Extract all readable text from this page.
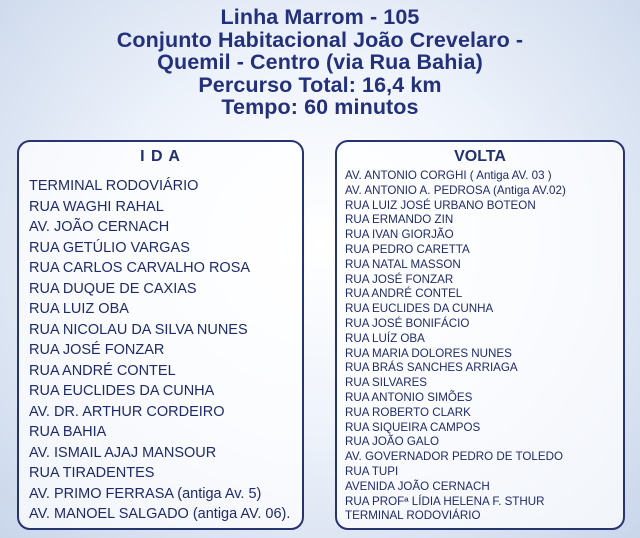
Linha Marrom - 105
Conjunto Habitacional João Crevelaro -
Quemil - Centro (via Rua Bahia)
Percurso Total: 16,4 km
Tempo: 60 minutos
I D A
TERMINAL RODOVIÁRIO
RUA WAGHI RAHAL
AV. JOÃO CERNACH
RUA GETÚLIO VARGAS
RUA CARLOS CARVALHO ROSA
RUA DUQUE DE CAXIAS
RUA LUIZ OBA
RUA NICOLAU DA SILVA NUNES
RUA JOSÉ FONZAR
RUA ANDRÉ CONTEL
RUA EUCLIDES DA CUNHA
AV. DR. ARTHUR CORDEIRO
RUA BAHIA
AV. ISMAIL AJAJ MANSOUR
RUA TIRADENTES
AV. PRIMO FERRASA (antiga Av. 5)
AV. MANOEL SALGADO (antiga AV. 06).
VOLTA
AV. ANTONIO CORGHI ( Antiga AV. 03 )
AV. ANTONIO A. PEDROSA (Antiga AV.02)
RUA LUIZ JOSÉ URBANO BOTEON
RUA ERMANDO ZIN
RUA IVAN GIORJÃO
RUA PEDRO CARETTA
RUA NATAL MASSON
RUA JOSÉ FONZAR
RUA ANDRÉ CONTEL
RUA EUCLIDES DA CUNHA
RUA JOSÉ BONIFÁCIO
RUA LUÍZ OBA
RUA MARIA DOLORES NUNES
RUA BRÁS SANCHES ARRIAGA
RUA SILVARES
RUA ANTONIO SIMÕES
RUA ROBERTO CLARK
RUA SIQUEIRA CAMPOS
RUA JOÃO GALO
AV. GOVERNADOR PEDRO DE TOLEDO
RUA TUPI
AVENIDA JOÃO CERNACH
RUA PROFª LÍDIA HELENA F. STHUR
TERMINAL RODOVIÁRIO
